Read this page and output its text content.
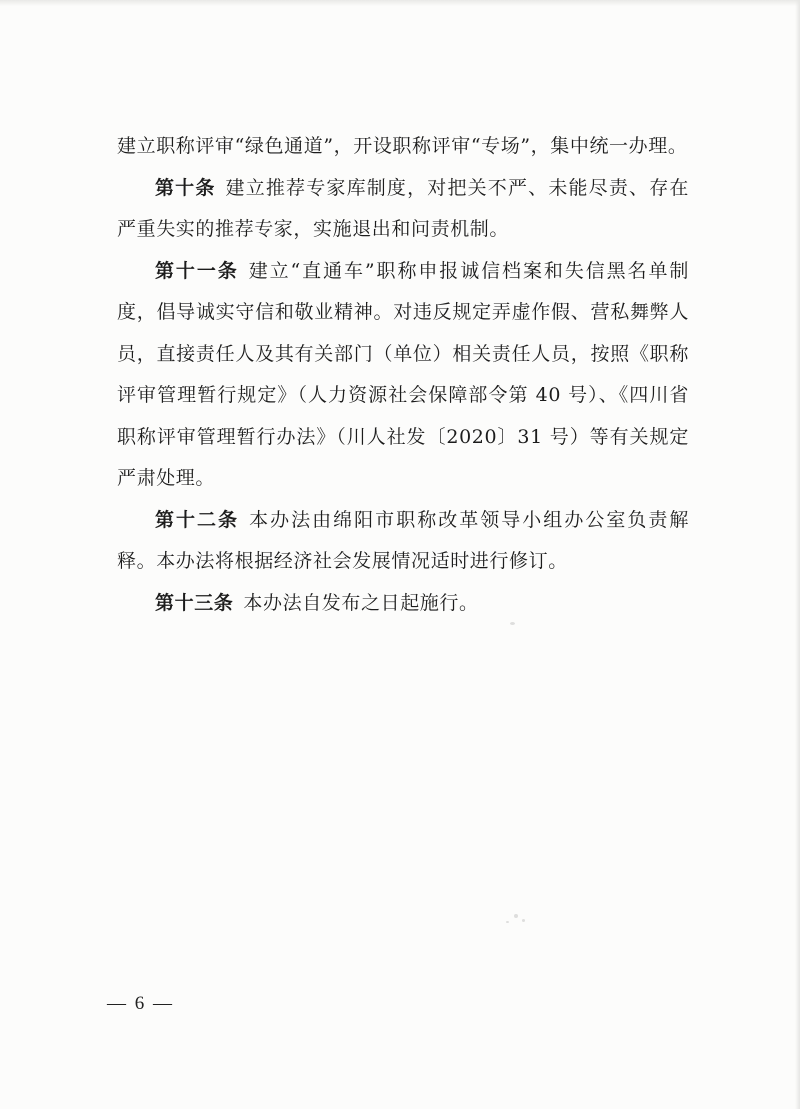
建立职称评审“绿色通道”，开设职称评审“专场”，集中统一办理。

第十条 建立推荐专家库制度，对把关不严、未能尽责、存在严重失实的推荐专家，实施退出和问责机制。

第十一条 建立“直通车”职称申报诚信档案和失信黑名单制度，倡导诚实守信和敬业精神。对违反规定弄虚作假、营私舞弊人员，直接责任人及其有关部门（单位）相关责任人员，按照《职称评审管理暂行规定》（人力资源社会保障部令第 40 号）、《四川省职称评审管理暂行办法》（川人社发〔2020〕31 号）等有关规定严肃处理。

第十二条 本办法由绵阳市职称改革领导小组办公室负责解释。本办法将根据经济社会发展情况适时进行修订。

第十三条 本办法自发布之日起施行。

— 6 —
